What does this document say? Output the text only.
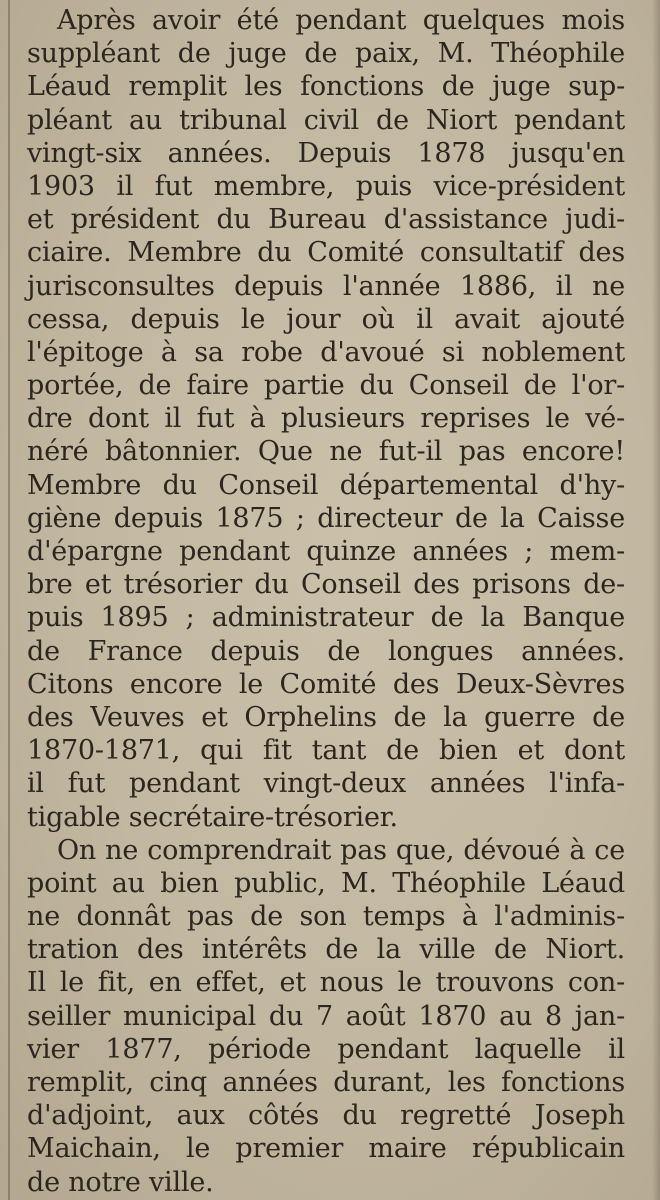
Après avoir été pendant quelques mois
suppléant de juge de paix, M. Théophile
Léaud remplit les fonctions de juge sup-
pléant au tribunal civil de Niort pendant
vingt-six années. Depuis 1878 jusqu'en
1903 il fut membre, puis vice-président
et président du Bureau d'assistance judi-
ciaire. Membre du Comité consultatif des
jurisconsultes depuis l'année 1886, il ne
cessa, depuis le jour où il avait ajouté
l'épitoge à sa robe d'avoué si noblement
portée, de faire partie du Conseil de l'or-
dre dont il fut à plusieurs reprises le vé-
néré bâtonnier. Que ne fut-il pas encore!
Membre du Conseil départemental d'hy-
giène depuis 1875 ; directeur de la Caisse
d'épargne pendant quinze années ; mem-
bre et trésorier du Conseil des prisons de-
puis 1895 ; administrateur de la Banque
de France depuis de longues années.
Citons encore le Comité des Deux-Sèvres
des Veuves et Orphelins de la guerre de
1870-1871, qui fit tant de bien et dont
il fut pendant vingt-deux années l'infa-
tigable secrétaire-trésorier.
On ne comprendrait pas que, dévoué à ce
point au bien public, M. Théophile Léaud
ne donnât pas de son temps à l'adminis-
tration des intérêts de la ville de Niort.
Il le fit, en effet, et nous le trouvons con-
seiller municipal du 7 août 1870 au 8 jan-
vier 1877, période pendant laquelle il
remplit, cinq années durant, les fonctions
d'adjoint, aux côtés du regretté Joseph
Maichain, le premier maire républicain
de notre ville.
